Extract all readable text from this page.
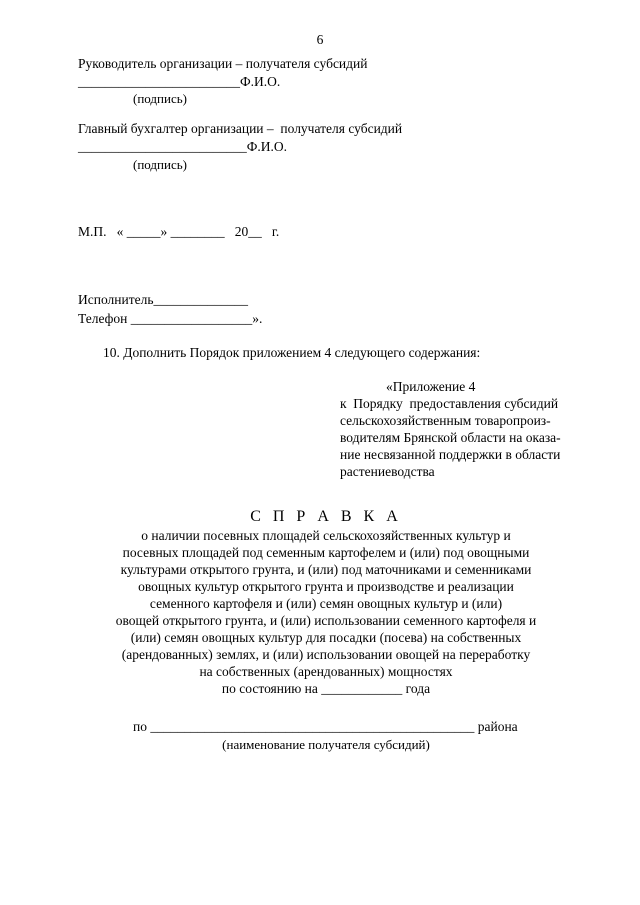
6
Руководитель организации – получателя субсидий
________________________Ф.И.О.
(подпись)
Главный бухгалтер организации –  получателя субсидий
_________________________Ф.И.О.
(подпись)
М.П.   « _____» ________   20__   г.
Исполнитель______________
Телефон __________________».
10. Дополнить Порядок приложением 4 следующего содержания:
«Приложение 4
к  Порядку  предоставления субсидий
сельскохозяйственным товаропроиз-
водителям Брянской области на оказа-
ние несвязанной поддержки в области
растениеводства
С П Р А В К А
о наличии посевных площадей сельскохозяйственных культур и
посевных площадей под семенным картофелем и (или) под овощными
культурами открытого грунта, и (или) под маточниками и семенниками
овощных культур открытого грунта и производстве и реализации
семенного картофеля и (или) семян овощных культур и (или)
овощей открытого грунта, и (или) использовании семенного картофеля и
(или) семян овощных культур для посадки (посева) на собственных
(арендованных) землях, и (или) использовании овощей на переработку
на собственных (арендованных) мощностях
по состоянию на ____________ года
по ________________________________________________ района
(наименование получателя субсидий)
